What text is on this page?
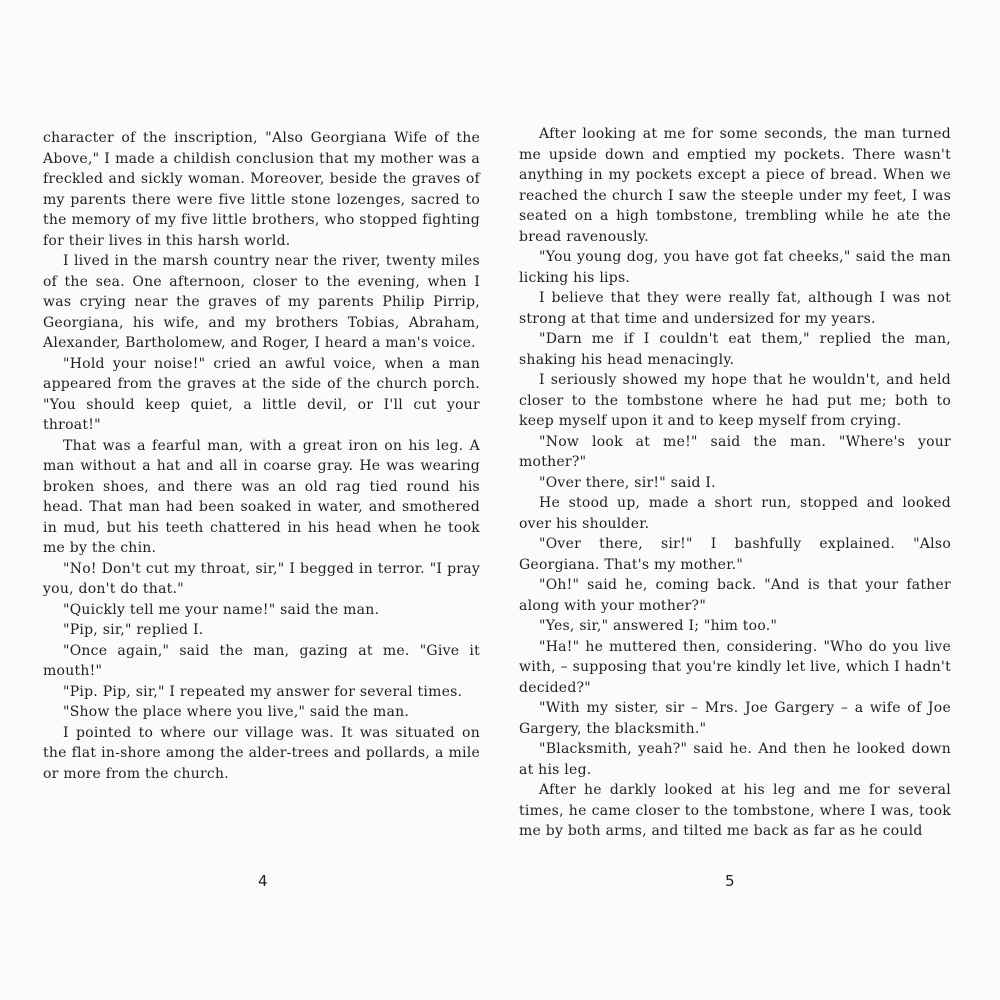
character of the inscription, "Also Georgiana Wife of the Above," I made a childish conclusion that my mother was a freckled and sickly woman. Moreover, beside the graves of my parents there were five little stone lozenges, sacred to the memory of my five little brothers, who stopped fighting for their lives in this harsh world.

I lived in the marsh country near the river, twenty miles of the sea. One afternoon, closer to the evening, when I was crying near the graves of my parents Philip Pirrip, Georgiana, his wife, and my brothers Tobias, Abraham, Alexander, Bartholomew, and Roger, I heard a man's voice.

"Hold your noise!" cried an awful voice, when a man appeared from the graves at the side of the church porch. "You should keep quiet, a little devil, or I'll cut your throat!"

That was a fearful man, with a great iron on his leg. A man without a hat and all in coarse gray. He was wearing broken shoes, and there was an old rag tied round his head. That man had been soaked in water, and smothered in mud, but his teeth chattered in his head when he took me by the chin.

"No! Don't cut my throat, sir," I begged in terror. "I pray you, don't do that."

"Quickly tell me your name!" said the man.

"Pip, sir," replied I.

"Once again," said the man, gazing at me. "Give it mouth!"

"Pip. Pip, sir," I repeated my answer for several times.

"Show the place where you live," said the man.

I pointed to where our village was. It was situated on the flat in-shore among the alder-trees and pollards, a mile or more from the church.

4

After looking at me for some seconds, the man turned me upside down and emptied my pockets. There wasn't anything in my pockets except a piece of bread. When we reached the church I saw the steeple under my feet, I was seated on a high tombstone, trembling while he ate the bread ravenously.

"You young dog, you have got fat cheeks," said the man licking his lips.

I believe that they were really fat, although I was not strong at that time and undersized for my years.

"Darn me if I couldn't eat them," replied the man, shaking his head menacingly.

I seriously showed my hope that he wouldn't, and held closer to the tombstone where he had put me; both to keep myself upon it and to keep myself from crying.

"Now look at me!" said the man. "Where's your mother?"

"Over there, sir!" said I.

He stood up, made a short run, stopped and looked over his shoulder.

"Over there, sir!" I bashfully explained. "Also Georgiana. That's my mother."

"Oh!" said he, coming back. "And is that your father along with your mother?"

"Yes, sir," answered I; "him too."

"Ha!" he muttered then, considering. "Who do you live with, – supposing that you're kindly let live, which I hadn't decided?"

"With my sister, sir – Mrs. Joe Gargery – a wife of Joe Gargery, the blacksmith."

"Blacksmith, yeah?" said he. And then he looked down at his leg.

After he darkly looked at his leg and me for several times, he came closer to the tombstone, where I was, took me by both arms, and tilted me back as far as he could

5
